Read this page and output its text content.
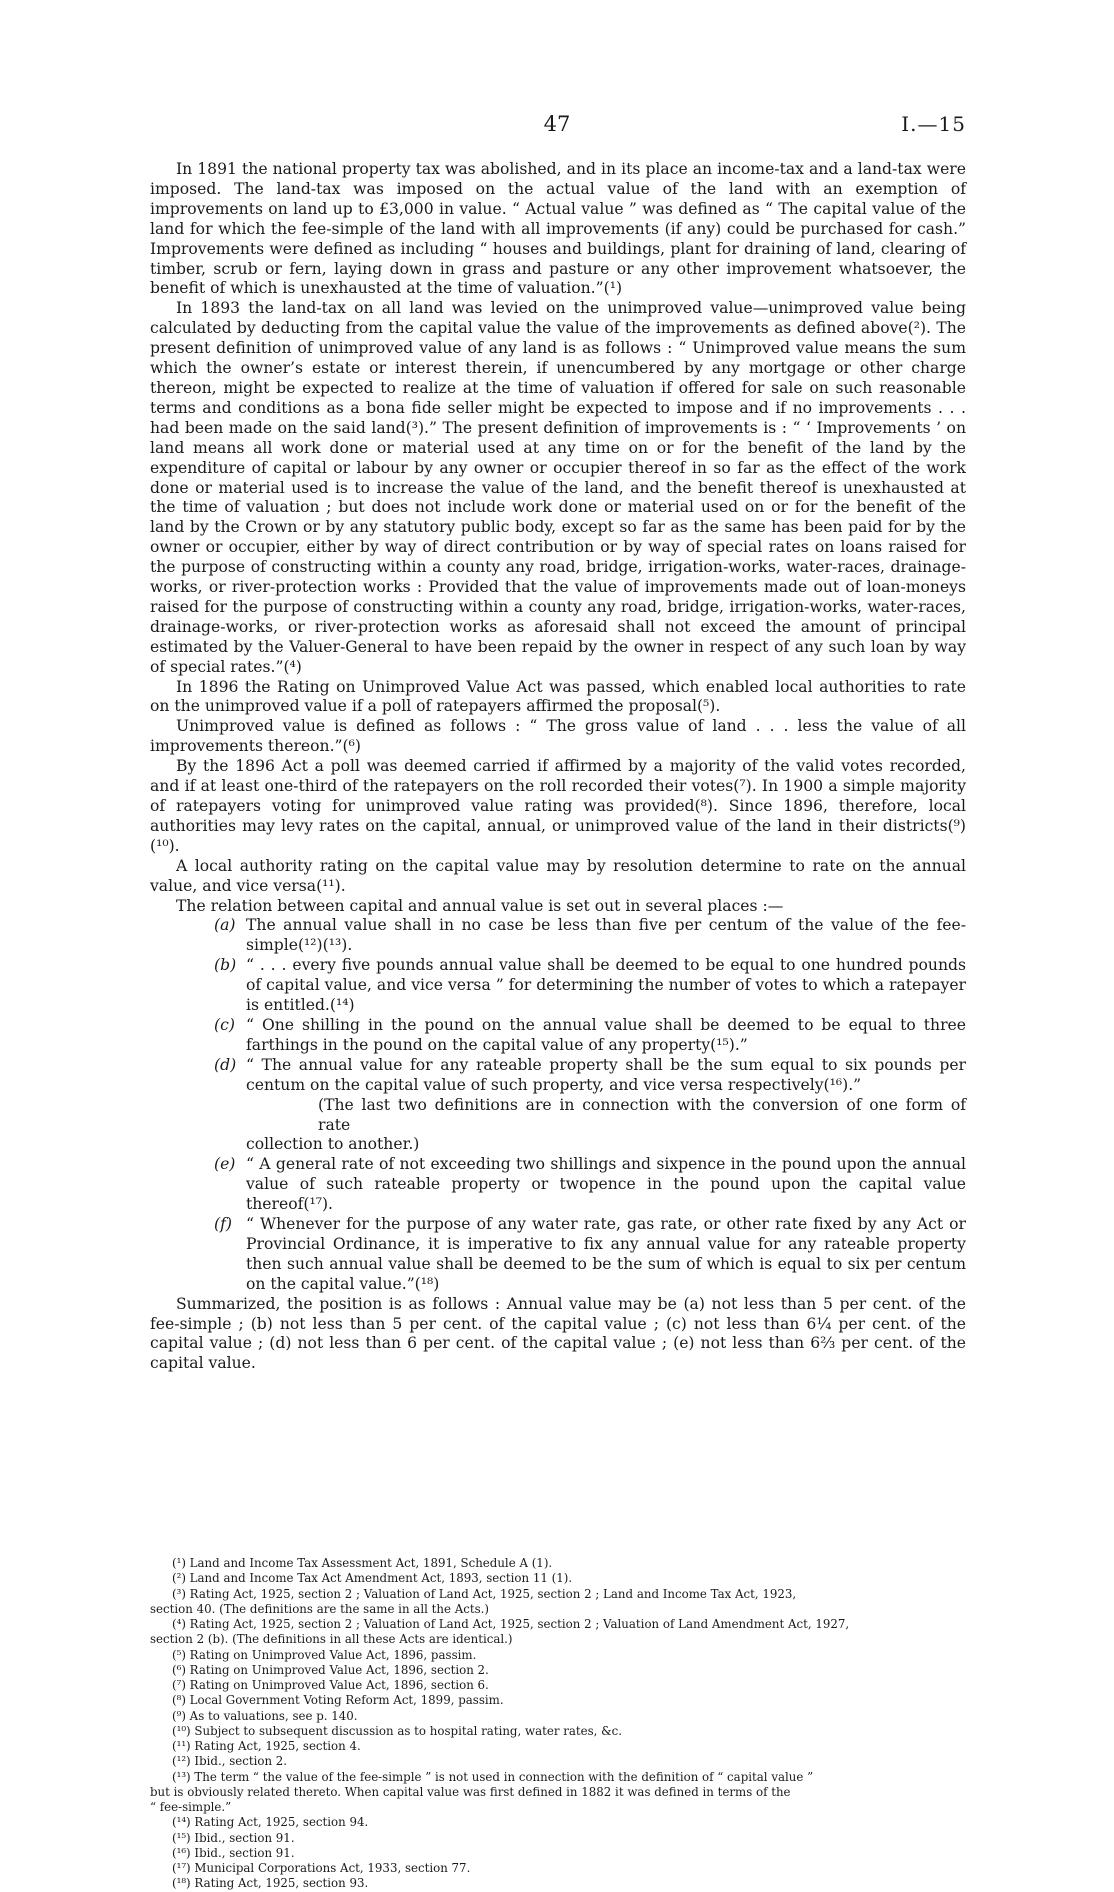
47	I.—15

In 1891 the national property tax was abolished, and in its place an income-tax and a land-tax were imposed. The land-tax was imposed on the actual value of the land with an exemption of improvements on land up to £3,000 in value. “ Actual value ” was defined as “ The capital value of the land for which the fee-simple of the land with all improvements (if any) could be purchased for cash.” Improvements were defined as including “ houses and buildings, plant for draining of land, clearing of timber, scrub or fern, laying down in grass and pasture or any other improvement whatsoever, the benefit of which is unexhausted at the time of valuation.”(¹)

In 1893 the land-tax on all land was levied on the unimproved value—unimproved value being calculated by deducting from the capital value the value of the improvements as defined above(²). The present definition of unimproved value of any land is as follows : “ Unimproved value means the sum which the owner’s estate or interest therein, if unencumbered by any mortgage or other charge thereon, might be expected to realize at the time of valuation if offered for sale on such reasonable terms and conditions as a bona fide seller might be expected to impose and if no improvements . . . had been made on the said land(³).” The present definition of improvements is : “ ‘ Improvements ’ on land means all work done or material used at any time on or for the benefit of the land by the expenditure of capital or labour by any owner or occupier thereof in so far as the effect of the work done or material used is to increase the value of the land, and the benefit thereof is unexhausted at the time of valuation ; but does not include work done or material used on or for the benefit of the land by the Crown or by any statutory public body, except so far as the same has been paid for by the owner or occupier, either by way of direct contribution or by way of special rates on loans raised for the purpose of constructing within a county any road, bridge, irrigation-works, water-races, drainage-works, or river-protection works : Provided that the value of improvements made out of loan-moneys raised for the purpose of constructing within a county any road, bridge, irrigation-works, water-races, drainage-works, or river-protection works as aforesaid shall not exceed the amount of principal estimated by the Valuer-General to have been repaid by the owner in respect of any such loan by way of special rates.”(⁴)

In 1896 the Rating on Unimproved Value Act was passed, which enabled local authorities to rate on the unimproved value if a poll of ratepayers affirmed the proposal(⁵).

Unimproved value is defined as follows : “ The gross value of land . . . less the value of all improvements thereon.”(⁶)

By the 1896 Act a poll was deemed carried if affirmed by a majority of the valid votes recorded, and if at least one-third of the ratepayers on the roll recorded their votes(⁷). In 1900 a simple majority of ratepayers voting for unimproved value rating was provided(⁸). Since 1896, therefore, local authorities may levy rates on the capital, annual, or unimproved value of the land in their districts(⁹)(¹⁰).

A local authority rating on the capital value may by resolution determine to rate on the annual value, and vice versa(¹¹).

The relation between capital and annual value is set out in several places :—

(a) The annual value shall in no case be less than five per centum of the value of the fee-simple(¹²)(¹³).
(b) “ . . . every five pounds annual value shall be deemed to be equal to one hundred pounds of capital value, and vice versa ” for determining the number of votes to which a ratepayer is entitled.(¹⁴)
(c) “ One shilling in the pound on the annual value shall be deemed to be equal to three farthings in the pound on the capital value of any property(¹⁵).”
(d) “ The annual value for any rateable property shall be the sum equal to six pounds per centum on the capital value of such property, and vice versa respectively(¹⁶).”
(The last two definitions are in connection with the conversion of one form of rate
collection to another.)
(e) “ A general rate of not exceeding two shillings and sixpence in the pound upon the annual value of such rateable property or twopence in the pound upon the capital value thereof(¹⁷).
(f) “ Whenever for the purpose of any water rate, gas rate, or other rate fixed by any Act or Provincial Ordinance, it is imperative to fix any annual value for any rateable property then such annual value shall be deemed to be the sum of which is equal to six per centum on the capital value.”(¹⁸)

Summarized, the position is as follows : Annual value may be (a) not less than 5 per cent. of the fee-simple ; (b) not less than 5 per cent. of the capital value ; (c) not less than 6¼ per cent. of the capital value ; (d) not less than 6 per cent. of the capital value ; (e) not less than 6⅔ per cent. of the capital value.

(¹) Land and Income Tax Assessment Act, 1891, Schedule A (1).

(²) Land and Income Tax Act Amendment Act, 1893, section 11 (1).

(³) Rating Act, 1925, section 2 ; Valuation of Land Act, 1925, section 2 ; Land and Income Tax Act, 1923,

section 40. (The definitions are the same in all the Acts.)

(⁴) Rating Act, 1925, section 2 ; Valuation of Land Act, 1925, section 2 ; Valuation of Land Amendment Act, 1927,

section 2 (b). (The definitions in all these Acts are identical.)

(⁵) Rating on Unimproved Value Act, 1896, passim.

(⁶) Rating on Unimproved Value Act, 1896, section 2.

(⁷) Rating on Unimproved Value Act, 1896, section 6.

(⁸) Local Government Voting Reform Act, 1899, passim.

(⁹) As to valuations, see p. 140.

(¹⁰) Subject to subsequent discussion as to hospital rating, water rates, &c.

(¹¹) Rating Act, 1925, section 4.

(¹²) Ibid., section 2.

(¹³) The term “ the value of the fee-simple ” is not used in connection with the definition of “ capital value ”

but is obviously related thereto. When capital value was first defined in 1882 it was defined in terms of the

“ fee-simple.”

(¹⁴) Rating Act, 1925, section 94.

(¹⁵) Ibid., section 91.

(¹⁶) Ibid., section 91.

(¹⁷) Municipal Corporations Act, 1933, section 77.

(¹⁸) Rating Act, 1925, section 93.
